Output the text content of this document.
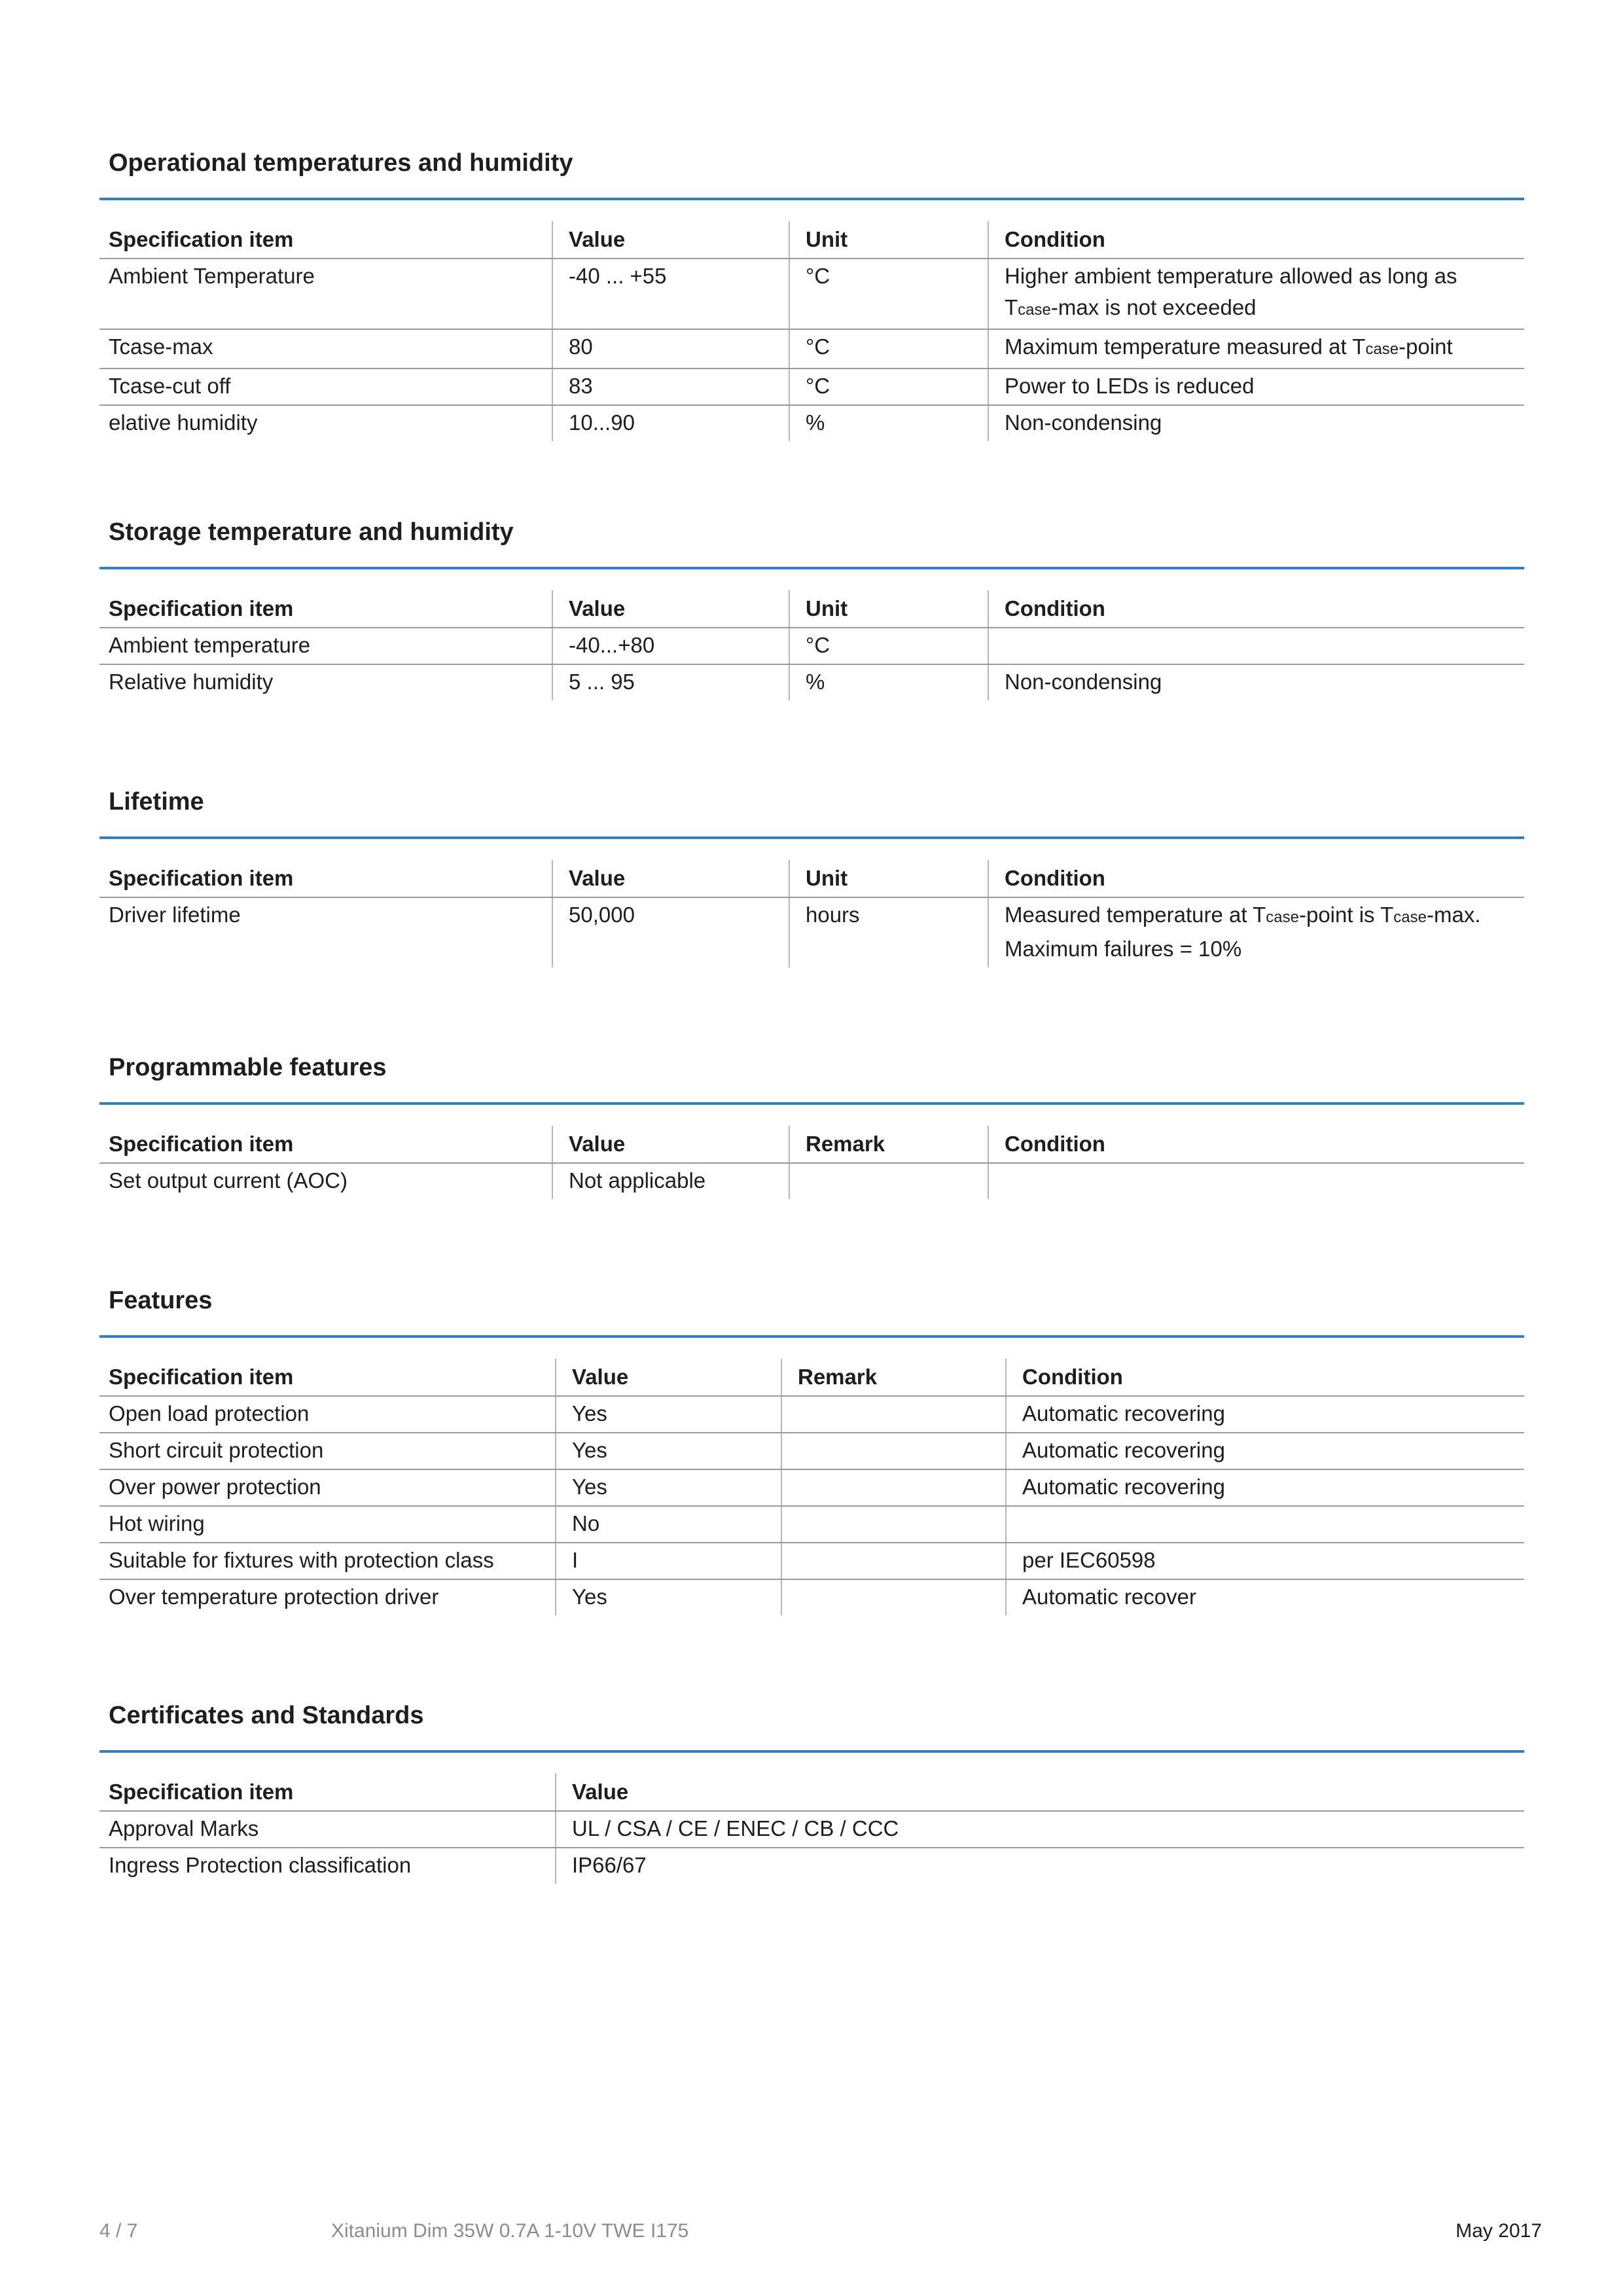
Operational temperatures and humidity
Specification item	Value	Unit	Condition
Ambient Temperature	-40 ... +55	°C	Higher ambient temperature allowed as long as Tcase-max is not exceeded
Tcase-max	80	°C	Maximum temperature measured at Tcase-point
Tcase-cut off	83	°C	Power to LEDs is reduced
elative humidity	10...90	%	Non-condensing
Storage temperature and humidity
Specification item	Value	Unit	Condition
Ambient temperature	-40...+80	°C	
Relative humidity	5 ... 95	%	Non-condensing
Lifetime
Specification item	Value	Unit	Condition
Driver lifetime	50,000	hours	Measured temperature at Tcase-point is Tcase-max. Maximum failures = 10%
Programmable features
Specification item	Value	Remark	Condition
Set output current (AOC)	Not applicable		
Features
Specification item	Value	Remark	Condition
Open load protection	Yes		Automatic recovering
Short circuit protection	Yes		Automatic recovering
Over power protection	Yes		Automatic recovering
Hot wiring	No		
Suitable for fixtures with protection class	I		per IEC60598
Over temperature protection driver	Yes		Automatic recover
Certificates and Standards
Specification item	Value
Approval Marks	UL / CSA / CE / ENEC / CB / CCC
Ingress Protection classification	IP66/67
4 / 7	Xitanium Dim 35W 0.7A 1-10V TWE I175	May 2017
